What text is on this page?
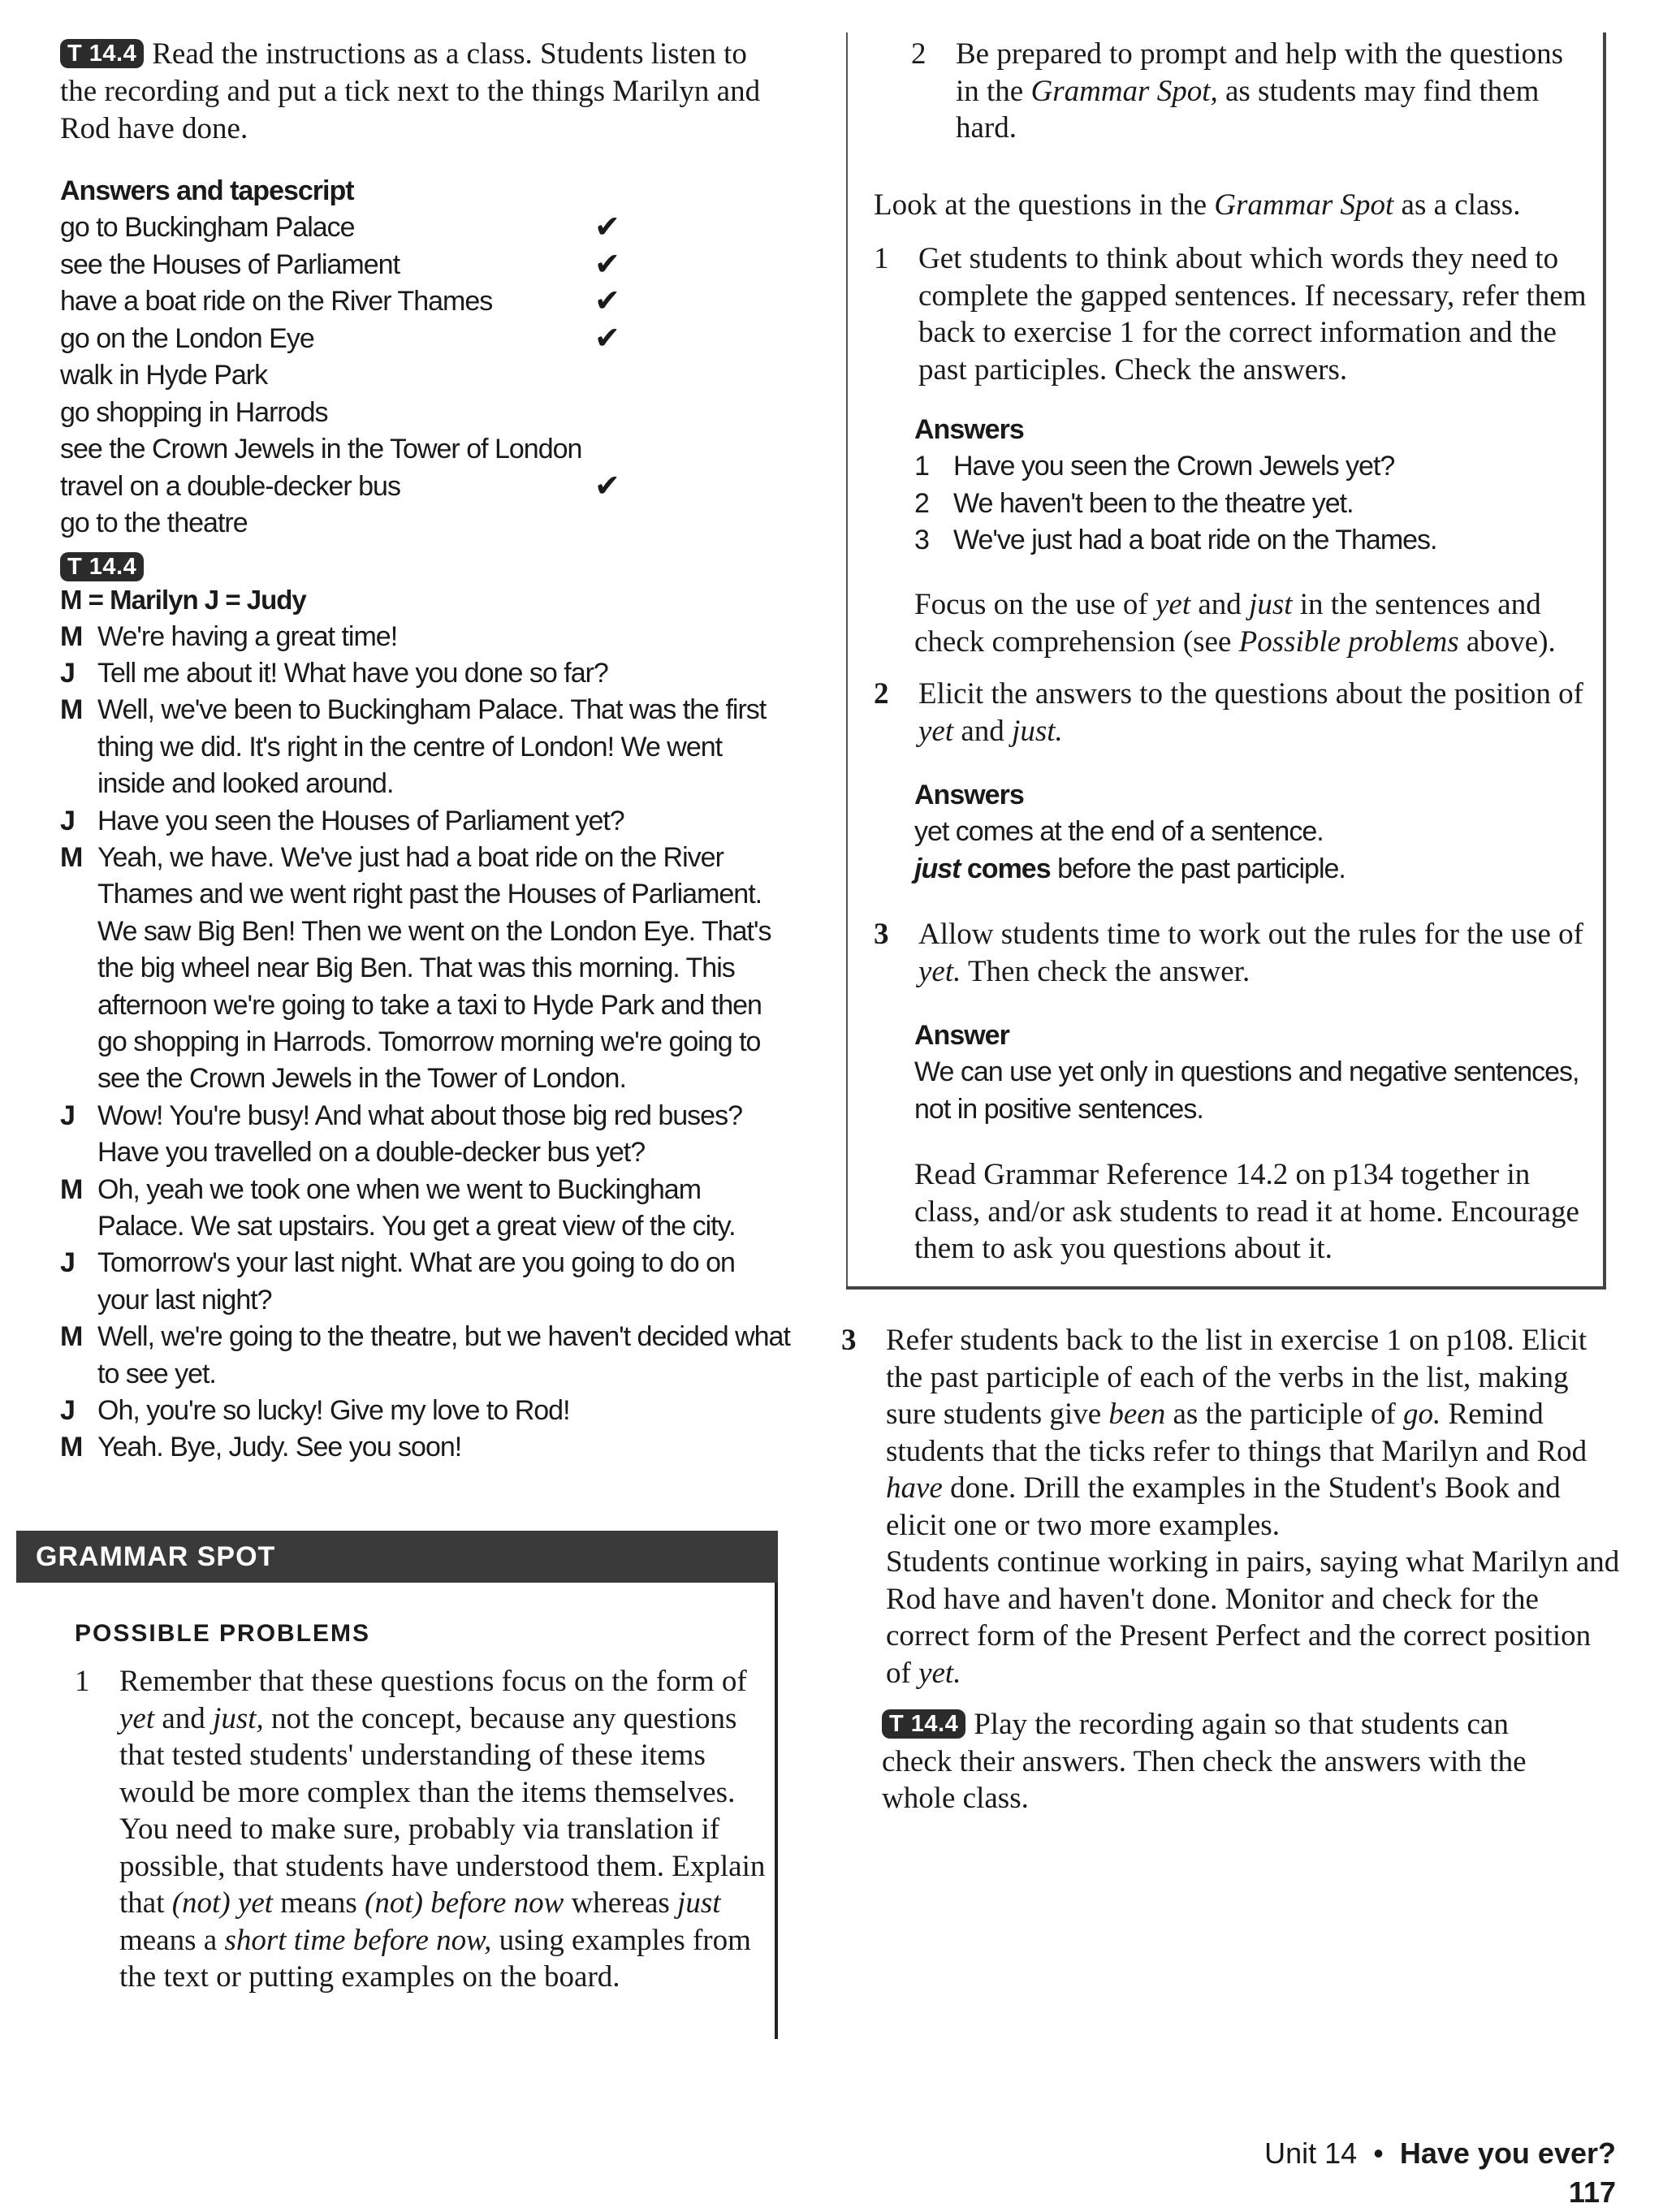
T 14.4 Read the instructions as a class. Students listen to the recording and put a tick next to the things Marilyn and Rod have done.
Answers and tapescript
go to Buckingham Palace	✔
see the Houses of Parliament	✔
have a boat ride on the River Thames	✔
go on the London Eye	✔
walk in Hyde Park
go shopping in Harrods
see the Crown Jewels in the Tower of London
travel on a double-decker bus	✔
go to the theatre
T 14.4
M = Marilyn J = Judy
M We're having a great time!
J Tell me about it! What have you done so far?
M Well, we've been to Buckingham Palace. That was the first thing we did. It's right in the centre of London! We went inside and looked around.
J Have you seen the Houses of Parliament yet?
M Yeah, we have. We've just had a boat ride on the River Thames and we went right past the Houses of Parliament. We saw Big Ben! Then we went on the London Eye. That's the big wheel near Big Ben. That was this morning. This afternoon we're going to take a taxi to Hyde Park and then go shopping in Harrods. Tomorrow morning we're going to see the Crown Jewels in the Tower of London.
J Wow! You're busy! And what about those big red buses? Have you travelled on a double-decker bus yet?
M Oh, yeah we took one when we went to Buckingham Palace. We sat upstairs. You get a great view of the city.
J Tomorrow's your last night. What are you going to do on your last night?
M Well, we're going to the theatre, but we haven't decided what to see yet.
J Oh, you're so lucky! Give my love to Rod!
M Yeah. Bye, Judy. See you soon!
GRAMMAR SPOT
POSSIBLE PROBLEMS
1 Remember that these questions focus on the form of yet and just, not the concept, because any questions that tested students' understanding of these items would be more complex than the items themselves. You need to make sure, probably via translation if possible, that students have understood them. Explain that (not) yet means (not) before now whereas just means a short time before now, using examples from the text or putting examples on the board.
2 Be prepared to prompt and help with the questions in the Grammar Spot, as students may find them hard.
Look at the questions in the Grammar Spot as a class.
1 Get students to think about which words they need to complete the gapped sentences. If necessary, refer them back to exercise 1 for the correct information and the past participles. Check the answers.
Answers
1 Have you seen the Crown Jewels yet?
2 We haven't been to the theatre yet.
3 We've just had a boat ride on the Thames.
Focus on the use of yet and just in the sentences and check comprehension (see Possible problems above).
2 Elicit the answers to the questions about the position of yet and just.
Answers
yet comes at the end of a sentence.
just comes before the past participle.
3 Allow students time to work out the rules for the use of yet. Then check the answer.
Answer
We can use yet only in questions and negative sentences, not in positive sentences.
Read Grammar Reference 14.2 on p134 together in class, and/or ask students to read it at home. Encourage them to ask you questions about it.
3 Refer students back to the list in exercise 1 on p108. Elicit the past participle of each of the verbs in the list, making sure students give been as the participle of go. Remind students that the ticks refer to things that Marilyn and Rod have done. Drill the examples in the Student's Book and elicit one or two more examples.
Students continue working in pairs, saying what Marilyn and Rod have and haven't done. Monitor and check for the correct form of the Present Perfect and the correct position of yet.
T 14.4 Play the recording again so that students can check their answers. Then check the answers with the whole class.
Unit 14 • Have you ever? 117
